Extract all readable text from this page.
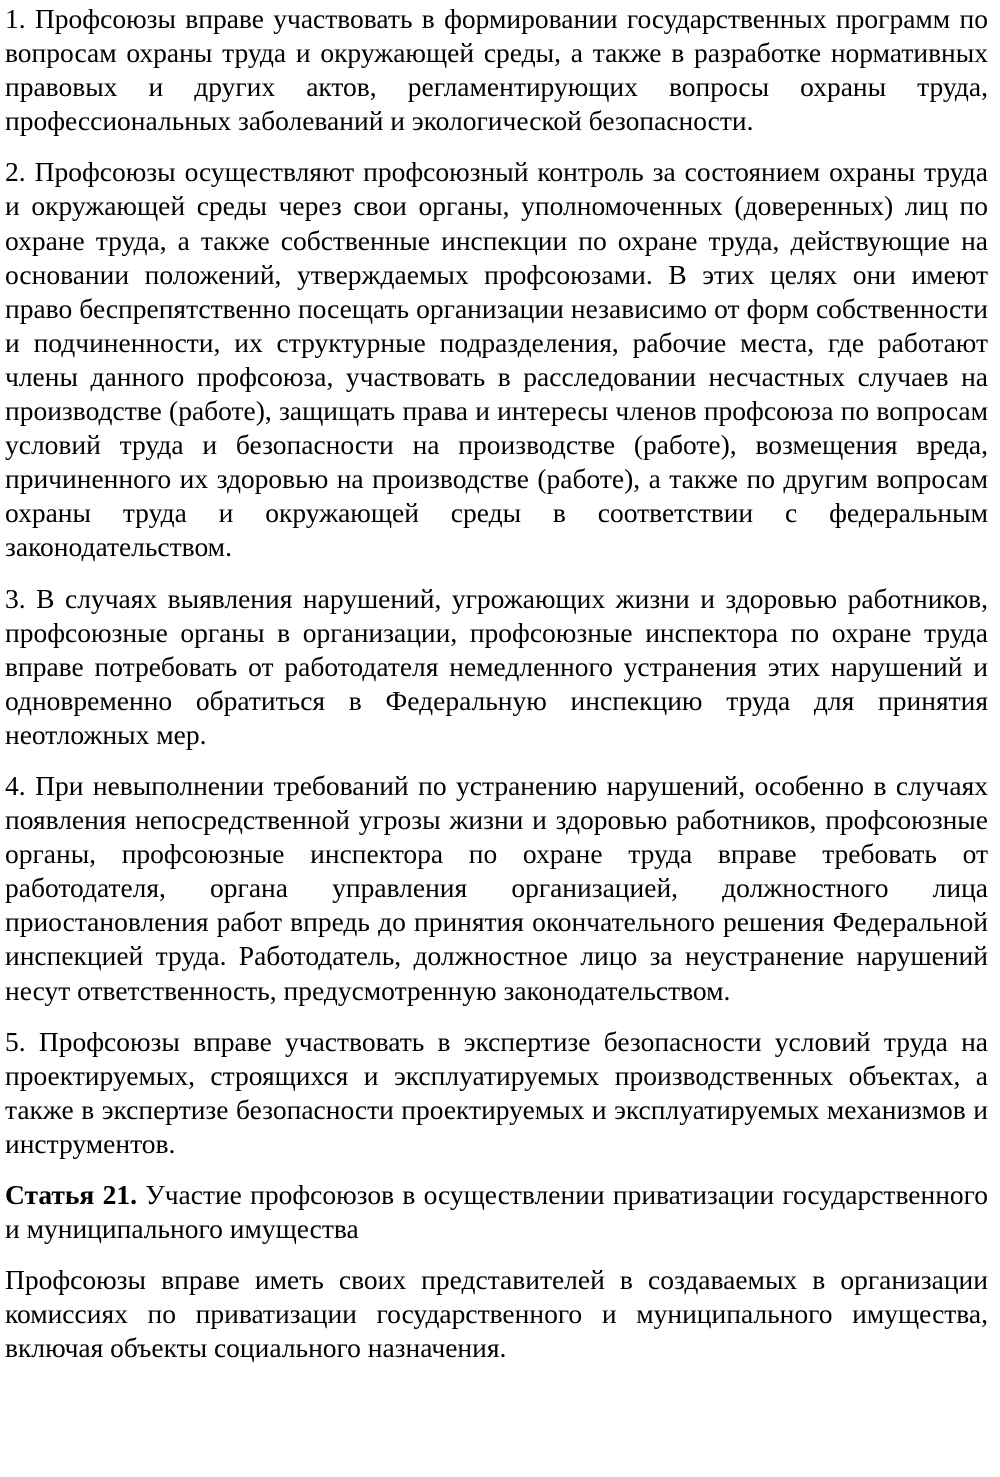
1. Профсоюзы вправе участвовать в формировании государственных программ по вопросам охраны труда и окружающей среды, а также в разработке нормативных правовых и других актов, регламентирующих вопросы охраны труда, профессиональных заболеваний и экологической безопасности.

2. Профсоюзы осуществляют профсоюзный контроль за состоянием охраны труда и окружающей среды через свои органы, уполномоченных (доверенных) лиц по охране труда, а также собственные инспекции по охране труда, действующие на основании положений, утверждаемых профсоюзами. В этих целях они имеют право беспрепятственно посещать организации независимо от форм собственности и подчиненности, их структурные подразделения, рабочие места, где работают члены данного профсоюза, участвовать в расследовании несчастных случаев на производстве (работе), защищать права и интересы членов профсоюза по вопросам условий труда и безопасности на производстве (работе), возмещения вреда, причиненного их здоровью на производстве (работе), а также по другим вопросам охраны труда и окружающей среды в соответствии с федеральным законодательством.

3. В случаях выявления нарушений, угрожающих жизни и здоровью работников, профсоюзные органы в организации, профсоюзные инспектора по охране труда вправе потребовать от работодателя немедленного устранения этих нарушений и одновременно обратиться в Федеральную инспекцию труда для принятия неотложных мер.

4. При невыполнении требований по устранению нарушений, особенно в случаях появления непосредственной угрозы жизни и здоровью работников, профсоюзные органы, профсоюзные инспектора по охране труда вправе требовать от работодателя, органа управления организацией, должностного лица приостановления работ впредь до принятия окончательного решения Федеральной инспекцией труда. Работодатель, должностное лицо за неустранение нарушений несут ответственность, предусмотренную законодательством.

5. Профсоюзы вправе участвовать в экспертизе безопасности условий труда на проектируемых, строящихся и эксплуатируемых производственных объектах, а также в экспертизе безопасности проектируемых и эксплуатируемых механизмов и инструментов.

Статья 21. Участие профсоюзов в осуществлении приватизации государственного и муниципального имущества

Профсоюзы вправе иметь своих представителей в создаваемых в организации комиссиях по приватизации государственного и муниципального имущества, включая объекты социального назначения.
